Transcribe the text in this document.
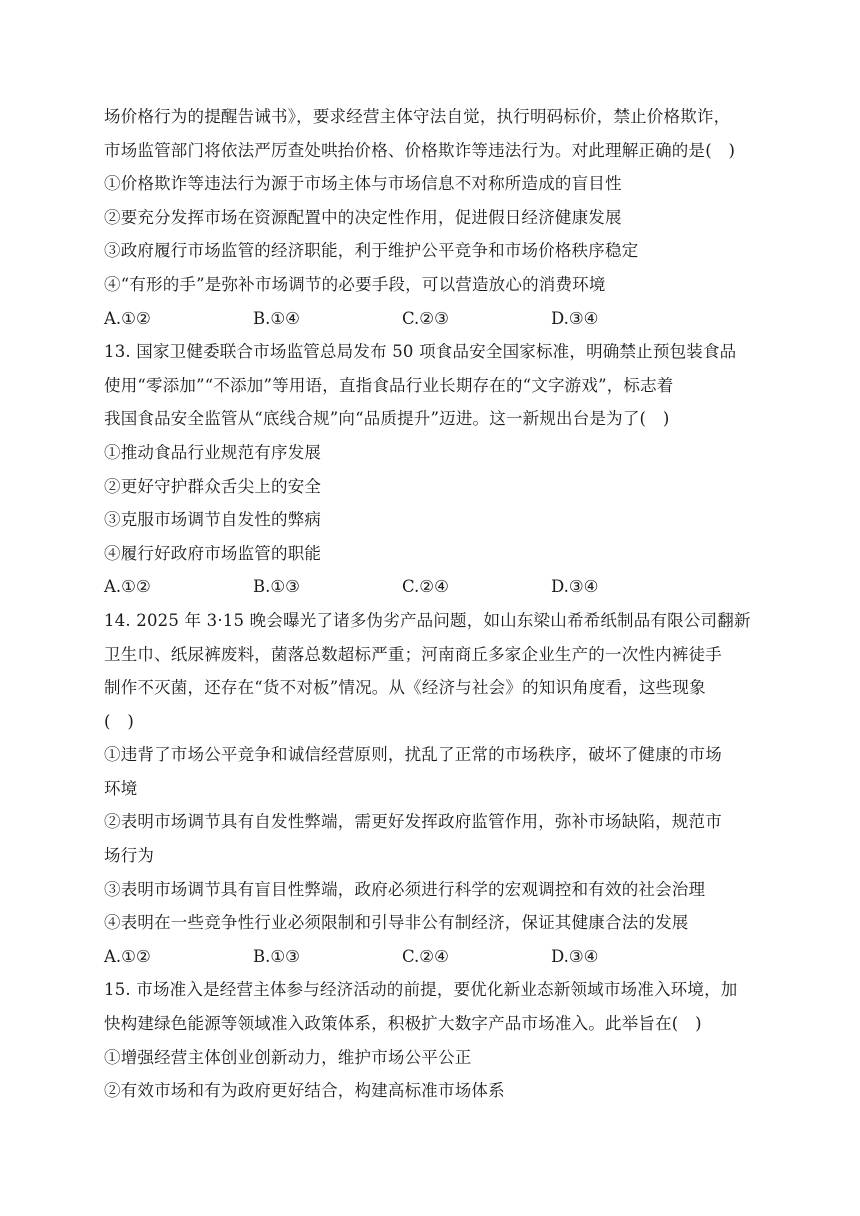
场价格行为的提醒告诫书》，要求经营主体守法自觉，执行明码标价，禁止价格欺诈，
市场监管部门将依法严厉查处哄抬价格、价格欺诈等违法行为。对此理解正确的是(　)
①价格欺诈等违法行为源于市场主体与市场信息不对称所造成的盲目性
②要充分发挥市场在资源配置中的决定性作用，促进假日经济健康发展
③政府履行市场监管的经济职能，利于维护公平竞争和市场价格秩序稳定
④“有形的手”是弥补市场调节的必要手段，可以营造放心的消费环境
A.①②	B.①④	C.②③	D.③④
13. 国家卫健委联合市场监管总局发布 50 项食品安全国家标准，明确禁止预包装食品
使用“零添加”“不添加”等用语，直指食品行业长期存在的“文字游戏”，标志着
我国食品安全监管从“底线合规”向“品质提升”迈进。这一新规出台是为了(　)
①推动食品行业规范有序发展
②更好守护群众舌尖上的安全
③克服市场调节自发性的弊病
④履行好政府市场监管的职能
A.①②	B.①③	C.②④	D.③④
14. 2025 年 3·15 晚会曝光了诸多伪劣产品问题，如山东梁山希希纸制品有限公司翻新
卫生巾、纸尿裤废料，菌落总数超标严重；河南商丘多家企业生产的一次性内裤徒手
制作不灭菌，还存在“货不对板”情况。从《经济与社会》的知识角度看，这些现象
(　)
①违背了市场公平竞争和诚信经营原则，扰乱了正常的市场秩序，破坏了健康的市场
环境
②表明市场调节具有自发性弊端，需更好发挥政府监管作用，弥补市场缺陷，规范市
场行为
③表明市场调节具有盲目性弊端，政府必须进行科学的宏观调控和有效的社会治理
④表明在一些竞争性行业必须限制和引导非公有制经济，保证其健康合法的发展
A.①②	B.①③	C.②④	D.③④
15. 市场准入是经营主体参与经济活动的前提，要优化新业态新领域市场准入环境，加
快构建绿色能源等领域准入政策体系，积极扩大数字产品市场准入。此举旨在(　)
①增强经营主体创业创新动力，维护市场公平公正
②有效市场和有为政府更好结合，构建高标准市场体系
